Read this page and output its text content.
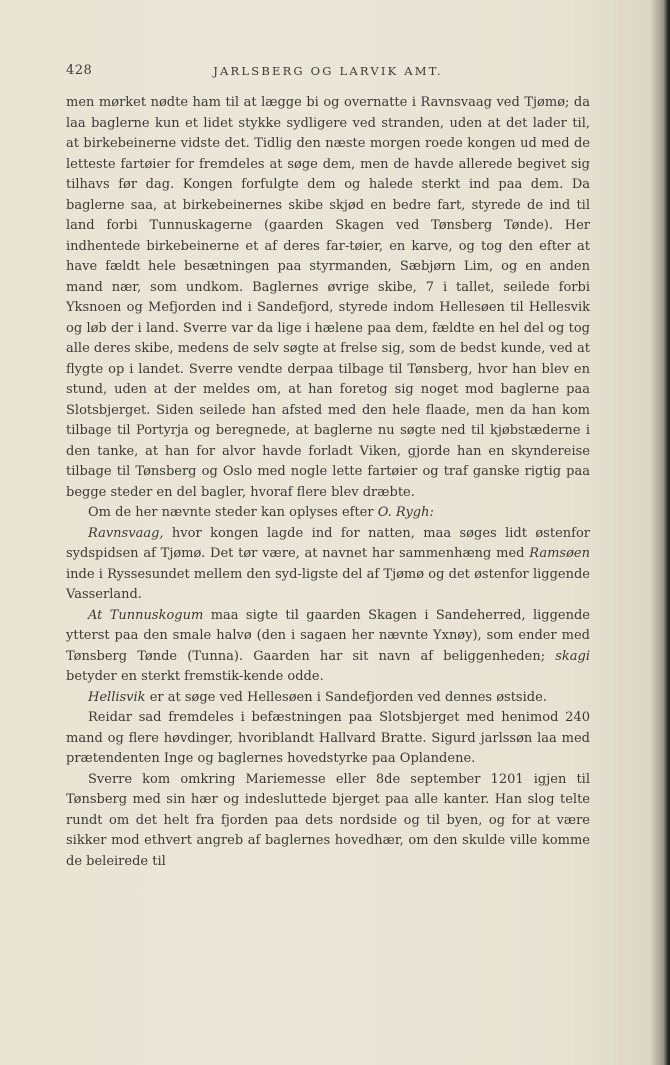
428	JARLSBERG OG LARVIK AMT.

men mørket nødte ham til at lægge bi og overnatte i Ravnsvaag ved Tjømø; da laa baglerne kun et lidet stykke sydligere ved stranden, uden at det lader til, at birkebeinerne vidste det. Tidlig den næste morgen roede kongen ud med de letteste fartøier for fremdeles at søge dem, men de havde allerede begivet sig tilhavs før dag. Kongen forfulgte dem og halede sterkt ind paa dem. Da baglerne saa, at birkebeinernes skibe skjød en bedre fart, styrede de ind til land forbi Tunnuskagerne (gaarden Skagen ved Tønsberg Tønde). Her indhentede birkebeinerne et af deres far-tøier, en karve, og tog den efter at have fældt hele besætningen paa styrmanden, Sæbjørn Lim, og en anden mand nær, som undkom. Baglernes øvrige skibe, 7 i tallet, seilede forbi Yksnoen og Mefjorden ind i Sandefjord, styrede indom Hellesøen til Hellesvik og løb der i land. Sverre var da lige i hælene paa dem, fældte en hel del og tog alle deres skibe, medens de selv søgte at frelse sig, som de bedst kunde, ved at flygte op i landet. Sverre vendte derpaa tilbage til Tønsberg, hvor han blev en stund, uden at der meldes om, at han foretog sig noget mod baglerne paa Slotsbjerget. Siden seilede han afsted med den hele flaade, men da han kom tilbage til Portyrja og beregnede, at baglerne nu søgte ned til kjøbstæderne i den tanke, at han for alvor havde forladt Viken, gjorde han en skyndereise tilbage til Tønsberg og Oslo med nogle lette fartøier og traf ganske rigtig paa begge steder en del bagler, hvoraf flere blev dræbte.

Om de her nævnte steder kan oplyses efter O. Rygh:

Ravnsvaag, hvor kongen lagde ind for natten, maa søges lidt østenfor sydspidsen af Tjømø. Det tør være, at navnet har sammenhæng med Ramsøen inde i Ryssesundet mellem den syd-ligste del af Tjømø og det østenfor liggende Vasserland.

At Tunnuskogum maa sigte til gaarden Skagen i Sandeherred, liggende ytterst paa den smale halvø (den i sagaen her nævnte Yxnøy), som ender med Tønsberg Tønde (Tunna). Gaarden har sit navn af beliggenheden; skagi betyder en sterkt fremstik-kende odde.

Hellisvik er at søge ved Hellesøen i Sandefjorden ved dennes østside.

Reidar sad fremdeles i befæstningen paa Slotsbjerget med henimod 240 mand og flere høvdinger, hvoriblandt Hallvard Bratte. Sigurd jarlssøn laa med prætendenten Inge og baglernes hovedstyrke paa Oplandene.

Sverre kom omkring Mariemesse eller 8de september 1201 igjen til Tønsberg med sin hær og indesluttede bjerget paa alle kanter. Han slog telte rundt om det helt fra fjorden paa dets nordside og til byen, og for at være sikker mod ethvert angreb af baglernes hovedhær, om den skulde ville komme de beleirede til
